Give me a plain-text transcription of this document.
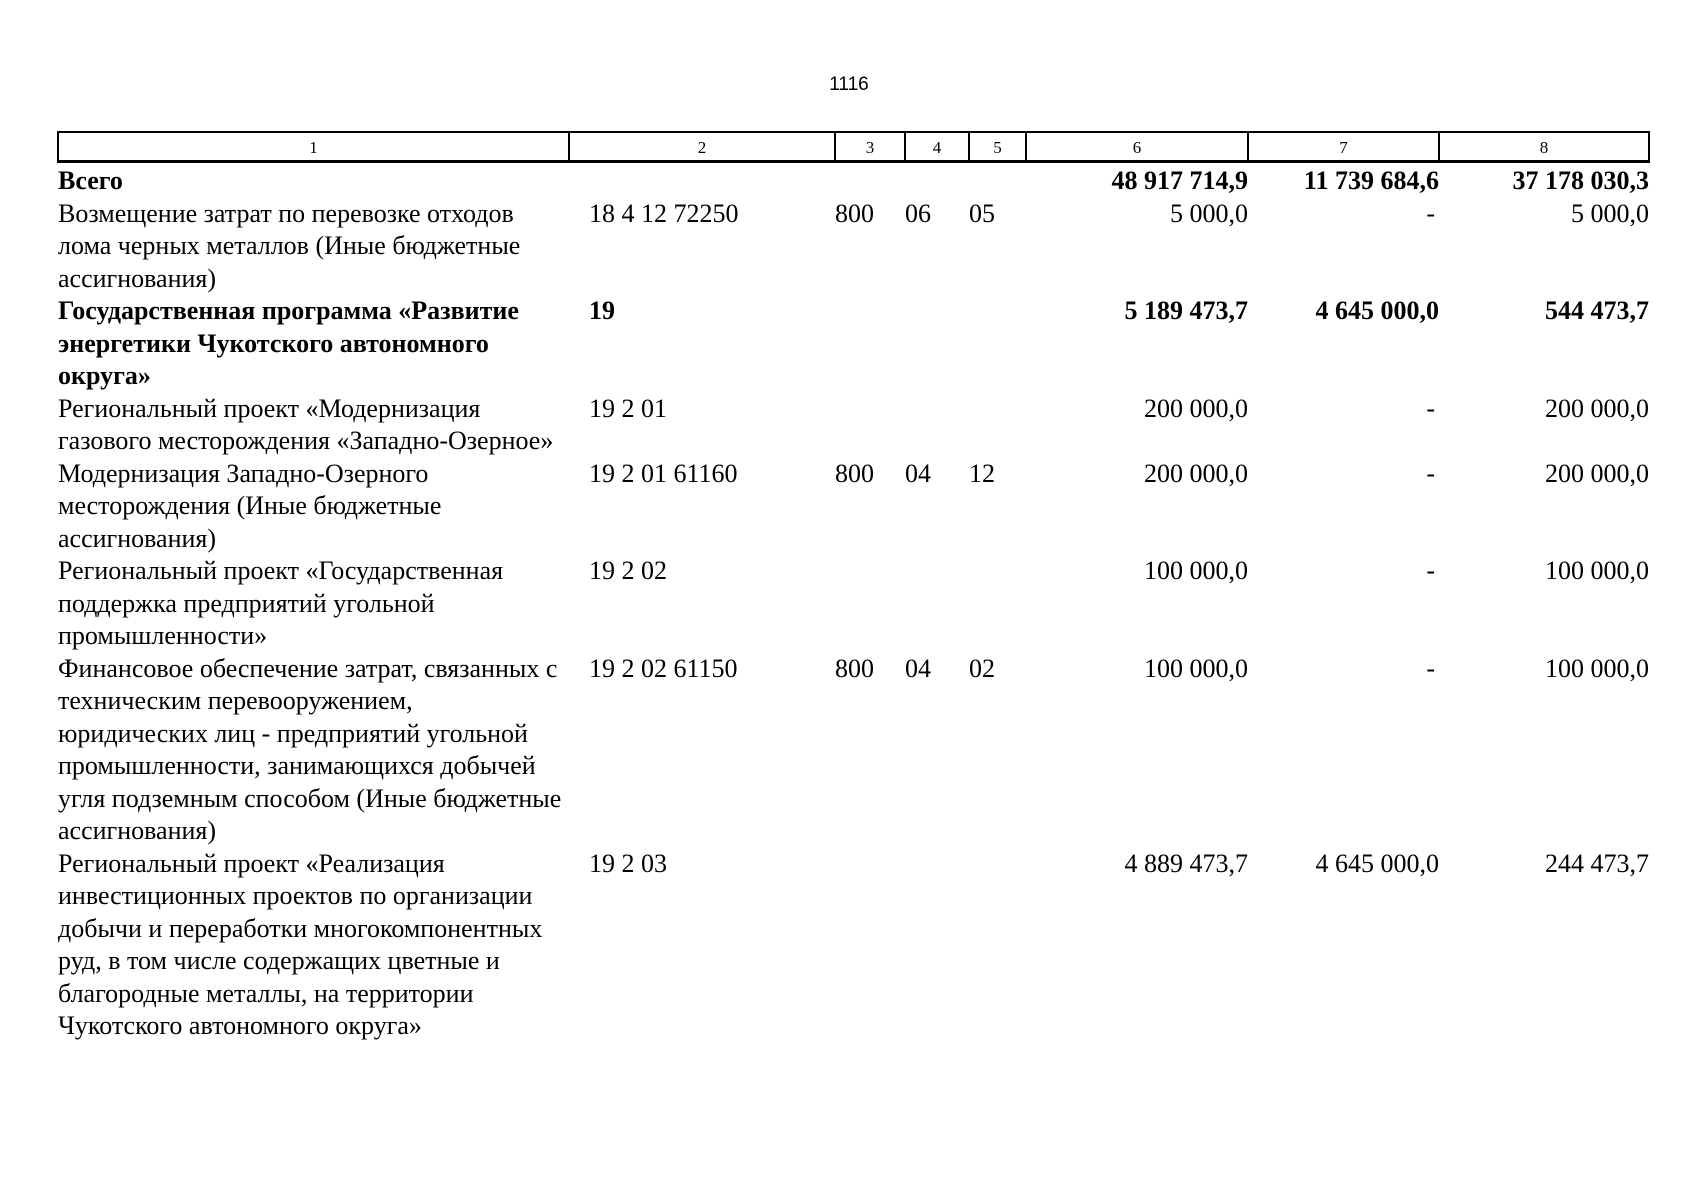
1116
1	2	3	4	5	6	7	8
Всего					48 917 714,9	11 739 684,6	37 178 030,3
Возмещение затрат по перевозке отходов лома черных металлов (Иные бюджетные ассигнования)	18 4 12 72250	800	06	05	5 000,0	-	5 000,0
Государственная программа «Развитие энергетики Чукотского автономного округа»	19				5 189 473,7	4 645 000,0	544 473,7
Региональный проект «Модернизация газового месторождения «Западно-Озерное»	19 2 01				200 000,0	-	200 000,0
Модернизация Западно-Озерного месторождения (Иные бюджетные ассигнования)	19 2 01 61160	800	04	12	200 000,0	-	200 000,0
Региональный проект «Государственная поддержка предприятий угольной промышленности»	19 2 02				100 000,0	-	100 000,0
Финансовое обеспечение затрат, связанных с техническим перевооружением, юридических лиц - предприятий угольной промышленности, занимающихся добычей угля подземным способом (Иные бюджетные ассигнования)	19 2 02 61150	800	04	02	100 000,0	-	100 000,0
Региональный проект «Реализация инвестиционных проектов по организации добычи и переработки многокомпонентных руд, в том числе содержащих цветные и благородные металлы, на территории Чукотского автономного округа»	19 2 03				4 889 473,7	4 645 000,0	244 473,7
